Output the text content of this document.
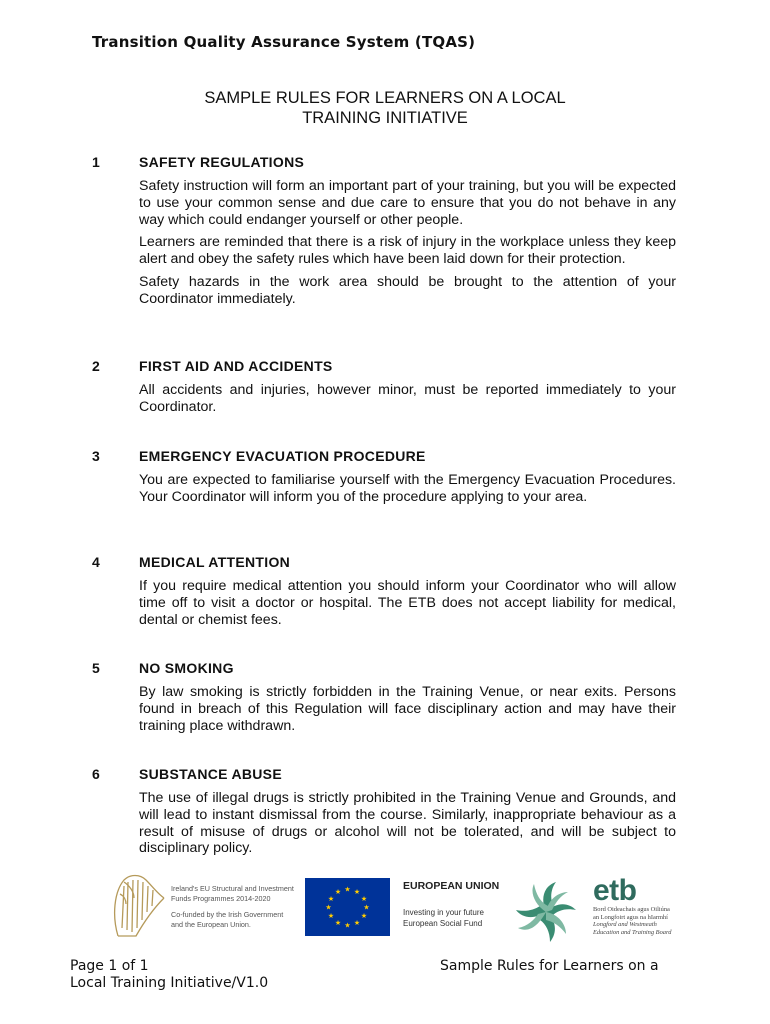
Transition Quality Assurance System (TQAS)
SAMPLE RULES FOR LEARNERS ON A LOCAL
TRAINING INITIATIVE
1	SAFETY REGULATIONS

Safety instruction will form an important part of your training, but you will be expected to use your common sense and due care to ensure that you do not behave in any way which could endanger yourself or other people.

Learners are reminded that there is a risk of injury in the workplace unless they keep alert and obey the safety rules which have been laid down for their protection.

Safety hazards in the work area should be brought to the attention of your Coordinator immediately.

2	FIRST AID AND ACCIDENTS

All accidents and injuries, however minor, must be reported immediately to your Coordinator.

3	EMERGENCY EVACUATION PROCEDURE

You are expected to familiarise yourself with the Emergency Evacuation Procedures. Your Coordinator will inform you of the procedure applying to your area.

4	MEDICAL ATTENTION

If you require medical attention you should inform your Coordinator who will allow time off to visit a doctor or hospital. The ETB does not accept liability for medical, dental or chemist fees.

5	NO SMOKING

By law smoking is strictly forbidden in the Training Venue, or near exits. Persons found in breach of this Regulation will face disciplinary action and may have their training place withdrawn.

6	SUBSTANCE ABUSE

The use of illegal drugs is strictly prohibited in the Training Venue and Grounds, and will lead to instant dismissal from the course. Similarly, inappropriate behaviour as a result of misuse of drugs or alcohol will not be tolerated, and will be subject to disciplinary policy.

Ireland's EU Structural and Investment
Funds Programmes 2014-2020
Co-funded by the Irish Government
and the European Union.
★ ★
★
★
★
★
★
★
★
★
★
★	EUROPEAN UNION
Investing in your future
European Social Fund
etb
Bord Oideachais agus Oiliúna
an Longfoirt agus na hIarmhí
Longford and Westmeath
Education and Training Board
Page 1 of 1
Local Training Initiative/V1.0
Sample Rules for Learners on a
